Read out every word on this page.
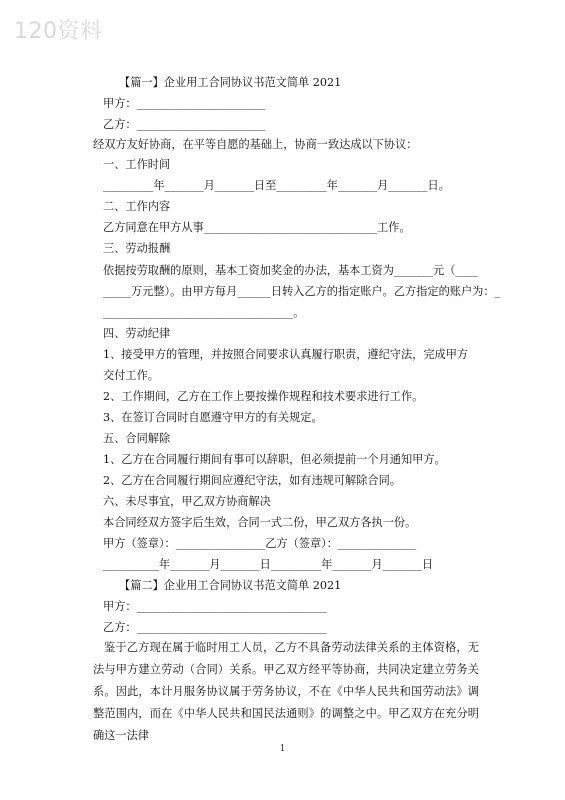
120资料
【篇一】企业用工合同协议书范文简单 2021
甲方：_______________________
乙方：_______________________
经双方友好协商，在平等自愿的基础上，协商一致达成以下协议：
一、工作时间
_________年_______月_______日至_________年_______月_______日。
二、工作内容
乙方同意在甲方从事_______________________________工作。
三、劳动报酬
依据按劳取酬的原则，基本工资加奖金的办法，基本工资为_______元（____
_____万元整）。由甲方每月______日转入乙方的指定账户。乙方指定的账户为：_
__________________________________。
四、劳动纪律
1、接受甲方的管理，并按照合同要求认真履行职责，遵纪守法，完成甲方
交付工作。
2、工作期间，乙方在工作上要按操作规程和技术要求进行工作。
3、在签订合同时自愿遵守甲方的有关规定。
五、合同解除
1、乙方在合同履行期间有事可以辞职，但必须提前一个月通知甲方。
2、乙方在合同履行期间应遵纪守法，如有违规可解除合同。
六、未尽事宜，甲乙双方协商解决
本合同经双方签字后生效，合同一式二份，甲乙双方各执一份。
甲方（签章）：________________乙方（签章）：______________
__________年_______月_______日_________年_______月_______日
【篇二】企业用工合同协议书范文简单 2021
甲方：__________________________________
乙方：__________________________________
鉴于乙方现在属于临时用工人员，乙方不具备劳动法律关系的主体资格，无法与甲方建立劳动（合同）关系。甲乙双方经平等协商，共同决定建立劳务关系。因此，本计月服务协议属于劳务协议，不在《中华人民共和国劳动法》调整范围内，而在《中华人民共和国民法通则》的调整之中。甲乙双方在充分明确这一法律
1
